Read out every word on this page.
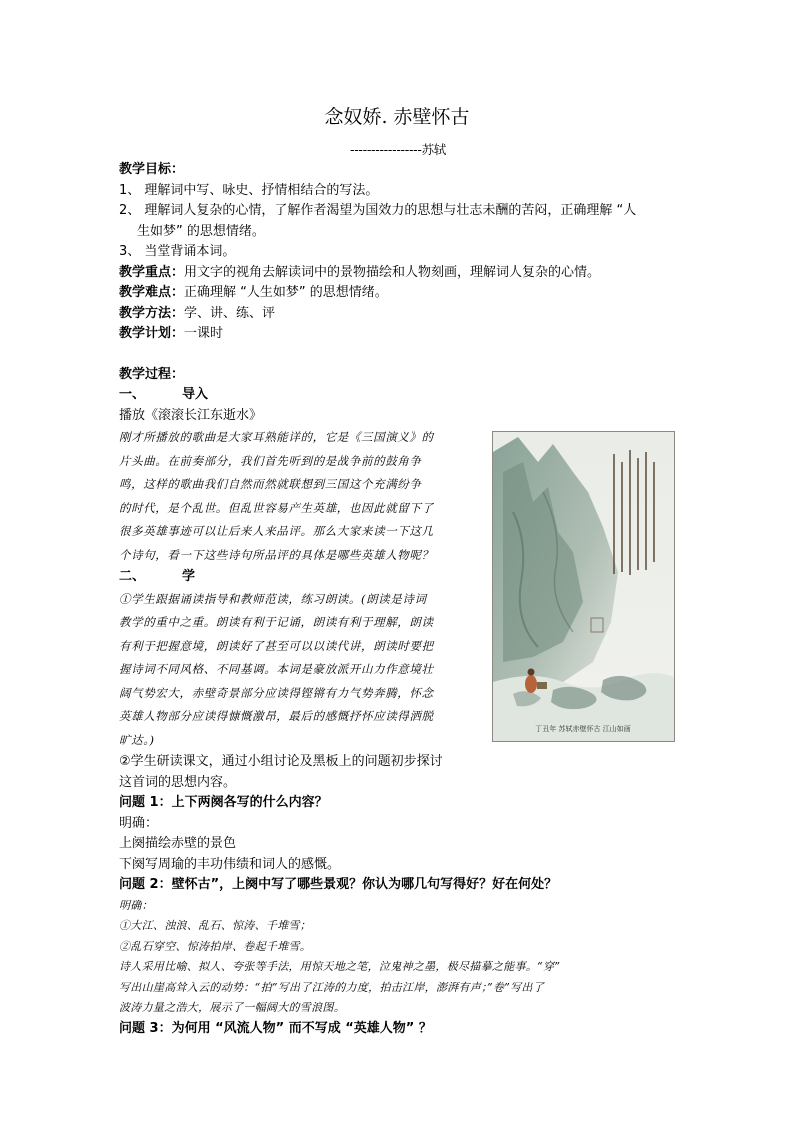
念奴娇. 赤壁怀古
-----------------苏轼

教学目标：

1、 理解词中写、咏史、抒情相结合的写法。

2、 理解词人复杂的心情，了解作者渴望为国效力的思想与壮志未酬的苦闷，正确理解 “人

生如梦” 的思想情绪。

3、 当堂背诵本词。

教学重点：用文字的视角去解读词中的景物描绘和人物刻画，理解词人复杂的心情。

教学难点：正确理解 “人生如梦” 的思想情绪。

教学方法：学、讲、练、评

教学计划：一课时

教学过程：

一、	导入

播放《滚滚长江东逝水》

刚才所播放的歌曲是大家耳熟能详的，它是《三国演义》的

片头曲。在前奏部分，我们首先听到的是战争前的鼓角争

鸣，这样的歌曲我们自然而然就联想到三国这个充满纷争

的时代，是个乱世。但乱世容易产生英雄，也因此就留下了

很多英雄事迹可以让后来人来品评。那么大家来读一下这几

个诗句，看一下这些诗句所品评的具体是哪些英雄人物呢？

二、	学

①学生跟据诵读指导和教师范读，练习朗读。(朗读是诗词

教学的重中之重。朗读有利于记诵，朗读有利于理解，朗读

有利于把握意境，朗读好了甚至可以以读代讲，朗读时要把

握诗词不同风格、不同基调。本词是豪放派开山力作意境壮

阔气势宏大，赤壁奇景部分应读得铿锵有力气势奔腾，怀念

英雄人物部分应读得慷慨激昂，最后的感慨抒怀应读得洒脱

旷达。)

②学生研读课文，通过小组讨论及黑板上的问题初步探讨

这首词的思想内容。

问题 1：上下两阕各写的什么内容？

明确：

上阕描绘赤壁的景色

下阕写周瑜的丰功伟绩和词人的感慨。

问题 2：壁怀古”，上阕中写了哪些景观？你认为哪几句写得好？好在何处？

明确：

①大江、浊浪、乱石、惊涛、千堆雪；

②乱石穿空、惊涛拍岸、卷起千堆雪。

诗人采用比喻、拟人、夸张等手法，用惊天地之笔，泣鬼神之墨，极尽描摹之能事。“穿”

写出山崖高耸入云的动势：“拍”写出了江涛的力度，拍击江岸，澎湃有声；”卷”写出了

波涛力量之浩大，展示了一幅阔大的雪浪图。

问题 3：为何用 “风流人物” 而不写成 “英雄人物” ？

丁丑年 苏轼赤壁怀古 江山如画
